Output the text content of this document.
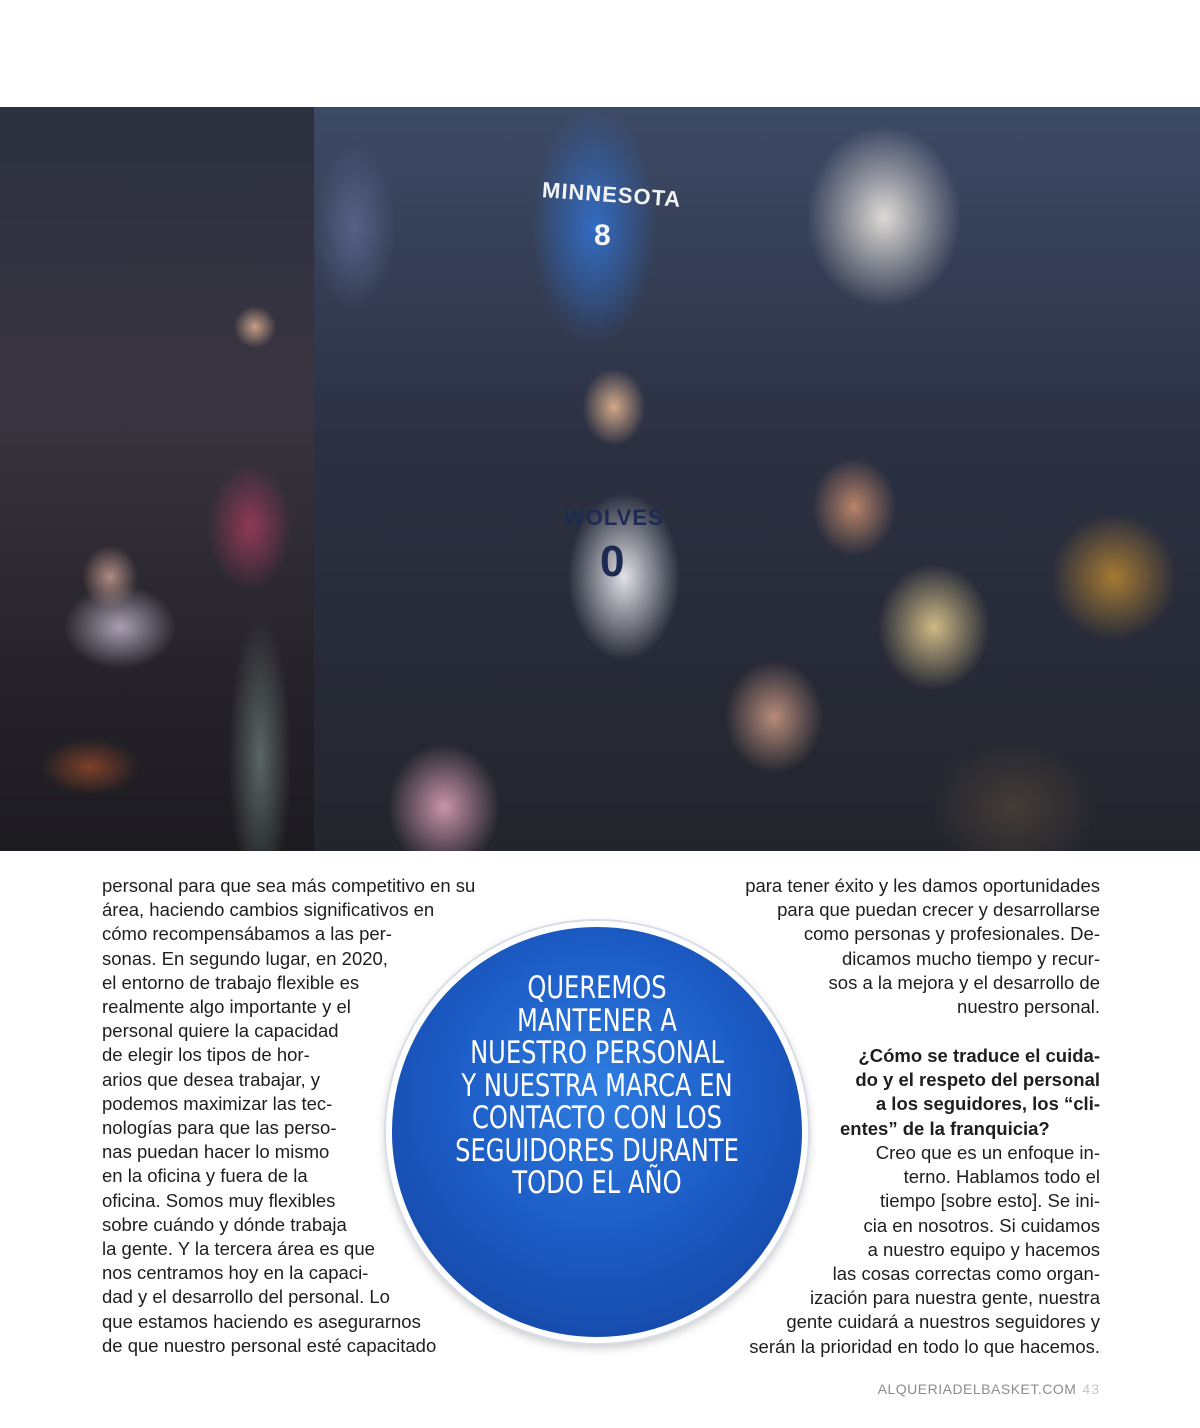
MINNESOTA
8
WOLVES
0
personal para que sea más competitivo en su
área, haciendo cambios significativos en
cómo recompensábamos a las per-
sonas. En segundo lugar, en 2020,
el entorno de trabajo flexible es
realmente algo importante y el
personal quiere la capacidad
de elegir los tipos de hor-
arios que desea trabajar, y
podemos maximizar las tec-
nologías para que las perso-
nas puedan hacer lo mismo
en la oficina y fuera de la
oficina. Somos muy flexibles
sobre cuándo y dónde trabaja
la gente. Y la tercera área es que
nos centramos hoy en la capaci-
dad y el desarrollo del personal. Lo
que estamos haciendo es asegurarnos
de que nuestro personal esté capacitado
para tener éxito y les damos oportunidades
para que puedan crecer y desarrollarse
como personas y profesionales. De-
dicamos mucho tiempo y recur-
sos a la mejora y el desarrollo de
nuestro personal.
¿Cómo se traduce el cuida-
do y el respeto del personal
a los seguidores, los “cli-
entes” de la franquicia?
Creo que es un enfoque in-
terno. Hablamos todo el
tiempo [sobre esto]. Se ini-
cia en nosotros. Si cuidamos
a nuestro equipo y hacemos
las cosas correctas como organ-
ización para nuestra gente, nuestra
gente cuidará a nuestros seguidores y
serán la prioridad en todo lo que hacemos.
QUEREMOS
MANTENER A
NUESTRO PERSONAL
Y NUESTRA MARCA EN
CONTACTO CON LOS
SEGUIDORES DURANTE
TODO EL AÑO
ALQUERIADELBASKET.COM 43
